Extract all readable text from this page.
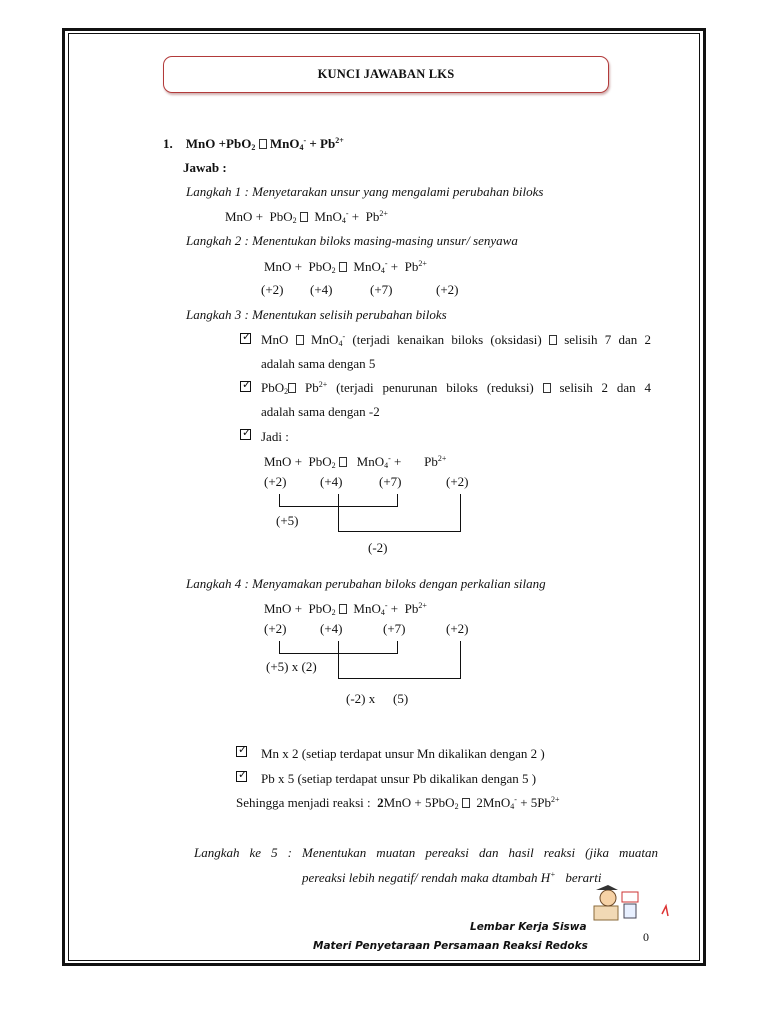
KUNCI JAWABAN LKS
1. MnO +PbO$_2$ $MnO_4^- + Pb^{2+}$
Jawab :
Langkah 1 : Menyetarakan unsur yang mengalami perubahan biloks
MnO + PbO$_2$ $MnO_4^- + Pb^{2+}$
Langkah 2 : Menentukan biloks masing-masing unsur/ senyawa
MnO + PbO$_2$ $MnO_4^- + Pb^{2+}$
(+2) (+4)	(+7)	(+2)
Langkah 3 : Menentukan selisih perubahan biloks
✓ MnO  MnO$_4$- (terjadi kenaikan biloks (oksidasi) selisih 7 dan 2
adalah sama dengan 5
✓ PbO$_2$ $Pb^{2+}$ (terjadi penurunan biloks (reduksi) selisih 2 dan 4
adalah sama dengan -2
✓ Jadi :
MnO + PbO$_2$ $MnO_4^- + Pb^{2+}$
(+2)	(+4)	(+7)	(+2)
(+5)
(-2)
Langkah 4 : Menyamakan perubahan biloks dengan perkalian silang
MnO + PbO$_2$ $MnO_4^- + Pb^{2+}$
(+2)	(+4)	(+7)	(+2)
(+5) x (2)
(-2) x (5)
✓ Mn x 2 (setiap terdapat unsur Mn dikalikan dengan 2 )
✓ Pb x 5 (setiap terdapat unsur Pb dikalikan dengan 5 )
Sehingga menjadi reaksi : 2MnO + 5PbO$_2$ $2MnO_4^- + 5Pb^{2+}$
Langkah ke 5 : Menentukan muatan pereaksi dan hasil reaksi (jika muatan
pereaksi lebih negatif/ rendah maka dtambah H+ berarti
Lembar Kerja Siswa
Materi Penyetaraan Persamaan Reaksi Redoks
0
